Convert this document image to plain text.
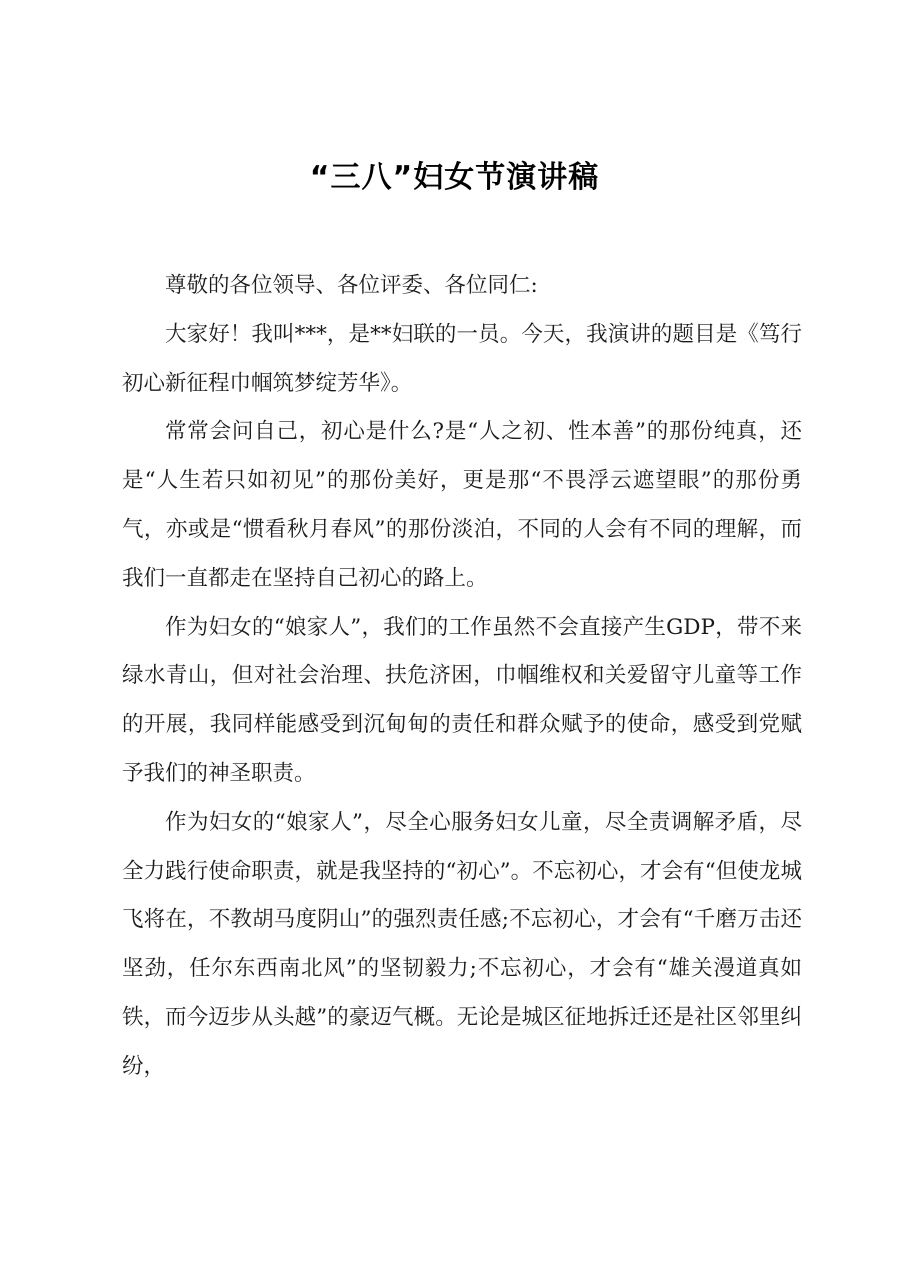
“三八”妇女节演讲稿

尊敬的各位领导、各位评委、各位同仁:

大家好！我叫***，是**妇联的一员。今天，我演讲的题目是《笃行初心新征程巾帼筑梦绽芳华》。

常常会问自己，初心是什么?是“人之初、性本善”的那份纯真，还是“人生若只如初见”的那份美好，更是那“不畏浮云遮望眼”的那份勇气，亦或是“惯看秋月春风”的那份淡泊，不同的人会有不同的理解，而我们一直都走在坚持自己初心的路上。

作为妇女的“娘家人”，我们的工作虽然不会直接产生GDP，带不来绿水青山，但对社会治理、扶危济困，巾帼维权和关爱留守儿童等工作的开展，我同样能感受到沉甸甸的责任和群众赋予的使命，感受到党赋予我们的神圣职责。

作为妇女的“娘家人”，尽全心服务妇女儿童，尽全责调解矛盾，尽全力践行使命职责，就是我坚持的“初心”。不忘初心，才会有“但使龙城飞将在，不教胡马度阴山”的强烈责任感;不忘初心，才会有“千磨万击还坚劲，任尔东西南北风”的坚韧毅力;不忘初心，才会有“雄关漫道真如铁，而今迈步从头越”的豪迈气概。无论是城区征地拆迁还是社区邻里纠纷，
